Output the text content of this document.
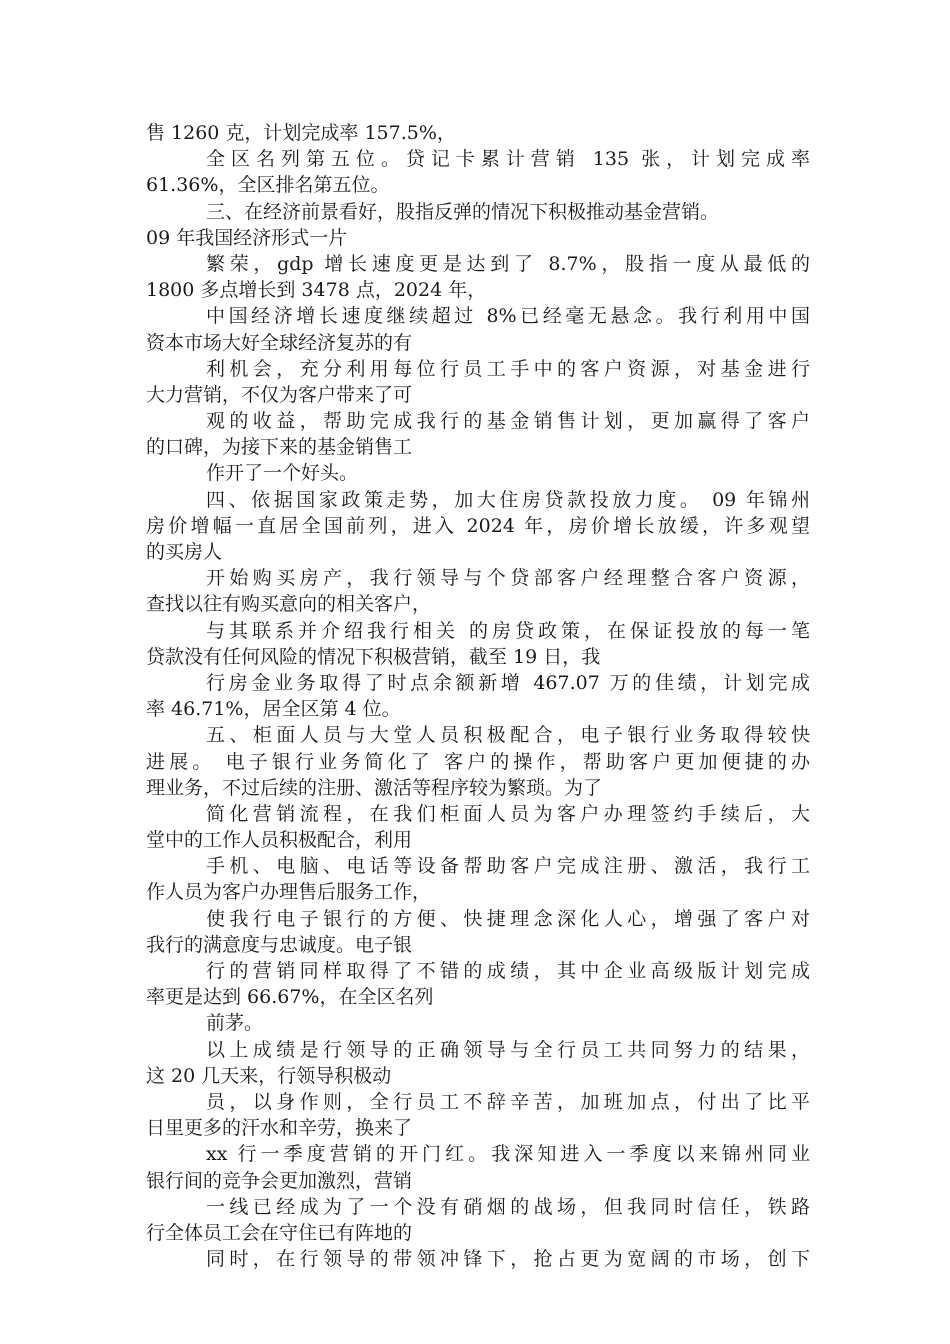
售 1260 克，计划完成率 157.5%，
全区名列第五位。贷记卡累计营销 135 张，计划完成率
61.36%，全区排名第五位。
三、在经济前景看好，股指反弹的情况下积极推动基金营销。
09 年我国经济形式一片
繁荣，gdp 增长速度更是达到了 8.7%，股指一度从最低的
1800 多点增长到 3478 点，2024 年，
中国经济增长速度继续超过 8%已经毫无悬念。我行利用中国
资本市场大好全球经济复苏的有
利机会，充分利用每位行员工手中的客户资源，对基金进行
大力营销，不仅为客户带来了可
观的收益，帮助完成我行的基金销售计划，更加赢得了客户
的口碑，为接下来的基金销售工
作开了一个好头。
四、依据国家政策走势，加大住房贷款投放力度。 09 年锦州
房价增幅一直居全国前列，进入 2024 年，房价增长放缓，许多观望
的买房人
开始购买房产，我行领导与个贷部客户经理整合客户资源，
查找以往有购买意向的相关客户，
与其联系并介绍我行相关 的房贷政策，在保证投放的每一笔
贷款没有任何风险的情况下积极营销，截至 19 日，我
行房金业务取得了时点余额新增 467.07 万的佳绩，计划完成
率 46.71%，居全区第 4 位。
五、柜面人员与大堂人员积极配合，电子银行业务取得较快
进展。 电子银行业务简化了 客户的操作，帮助客户更加便捷的办
理业务，不过后续的注册、激活等程序较为繁琐。为了
简化营销流程，在我们柜面人员为客户办理签约手续后，大
堂中的工作人员积极配合，利用
手机、电脑、电话等设备帮助客户完成注册、激活，我行工
作人员为客户办理售后服务工作，
使我行电子银行的方便、快捷理念深化人心，增强了客户对
我行的满意度与忠诚度。电子银
行的营销同样取得了不错的成绩，其中企业高级版计划完成
率更是达到 66.67%，在全区名列
前茅。
以上成绩是行领导的正确领导与全行员工共同努力的结果，
这 20 几天来，行领导积极动
员，以身作则，全行员工不辞辛苦，加班加点，付出了比平
日里更多的汗水和辛劳，换来了
xx 行一季度营销的开门红。我深知进入一季度以来锦州同业
银行间的竞争会更加激烈，营销
一线已经成为了一个没有硝烟的战场，但我同时信任，铁路
行全体员工会在守住已有阵地的
同时，在行领导的带领冲锋下，抢占更为宽阔的市场，创下
